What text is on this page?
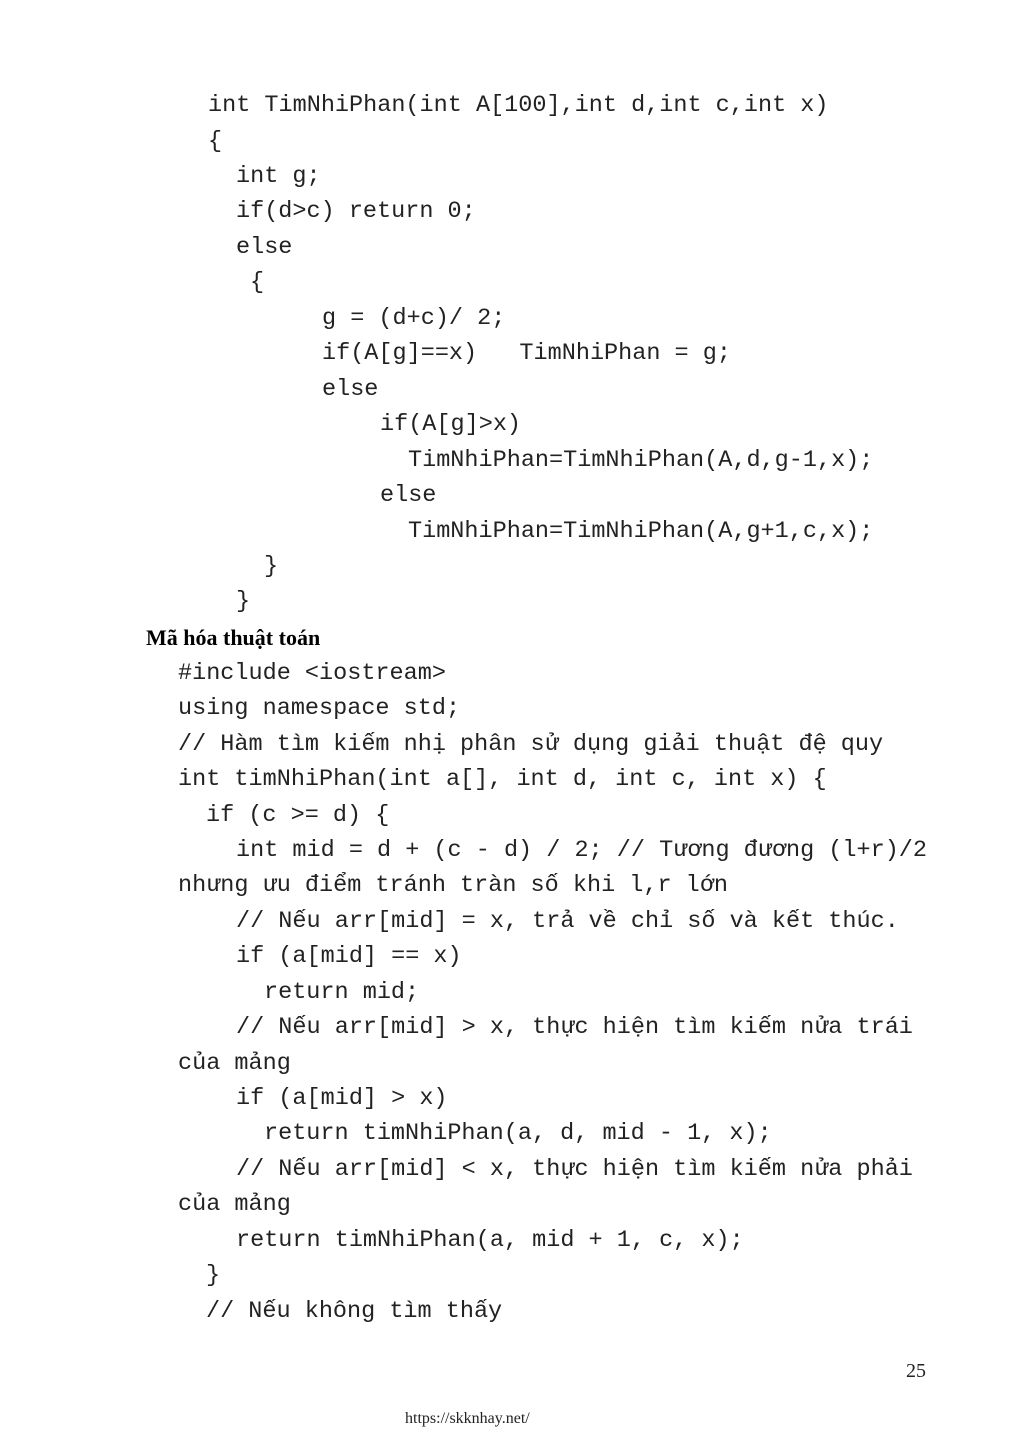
int TimNhiPhan(int A[100],int d,int c,int x)

{

int g;

if(d>c) return 0;

else

{

g = (d+c)/ 2;

if(A[g]==x)   TimNhiPhan = g;

else

if(A[g]>x)

TimNhiPhan=TimNhiPhan(A,d,g-1,x);

else

TimNhiPhan=TimNhiPhan(A,g+1,c,x);

}

}

Mã hóa thuật toán

#include <iostream>

using namespace std;

// Hàm tìm kiếm nhị phân sử dụng giải thuật đệ quy

int timNhiPhan(int a[], int d, int c, int x) {

if (c >= d) {

int mid = d + (c - d) / 2; // Tương đương (l+r)/2

nhưng ưu điểm tránh tràn số khi l,r lớn

// Nếu arr[mid] = x, trả về chỉ số và kết thúc.

if (a[mid] == x)

return mid;

// Nếu arr[mid] > x, thực hiện tìm kiếm nửa trái

của mảng

if (a[mid] > x)

return timNhiPhan(a, d, mid - 1, x);

// Nếu arr[mid] < x, thực hiện tìm kiếm nửa phải

của mảng

return timNhiPhan(a, mid + 1, c, x);

}

// Nếu không tìm thấy

25
https://skknhay.net/
